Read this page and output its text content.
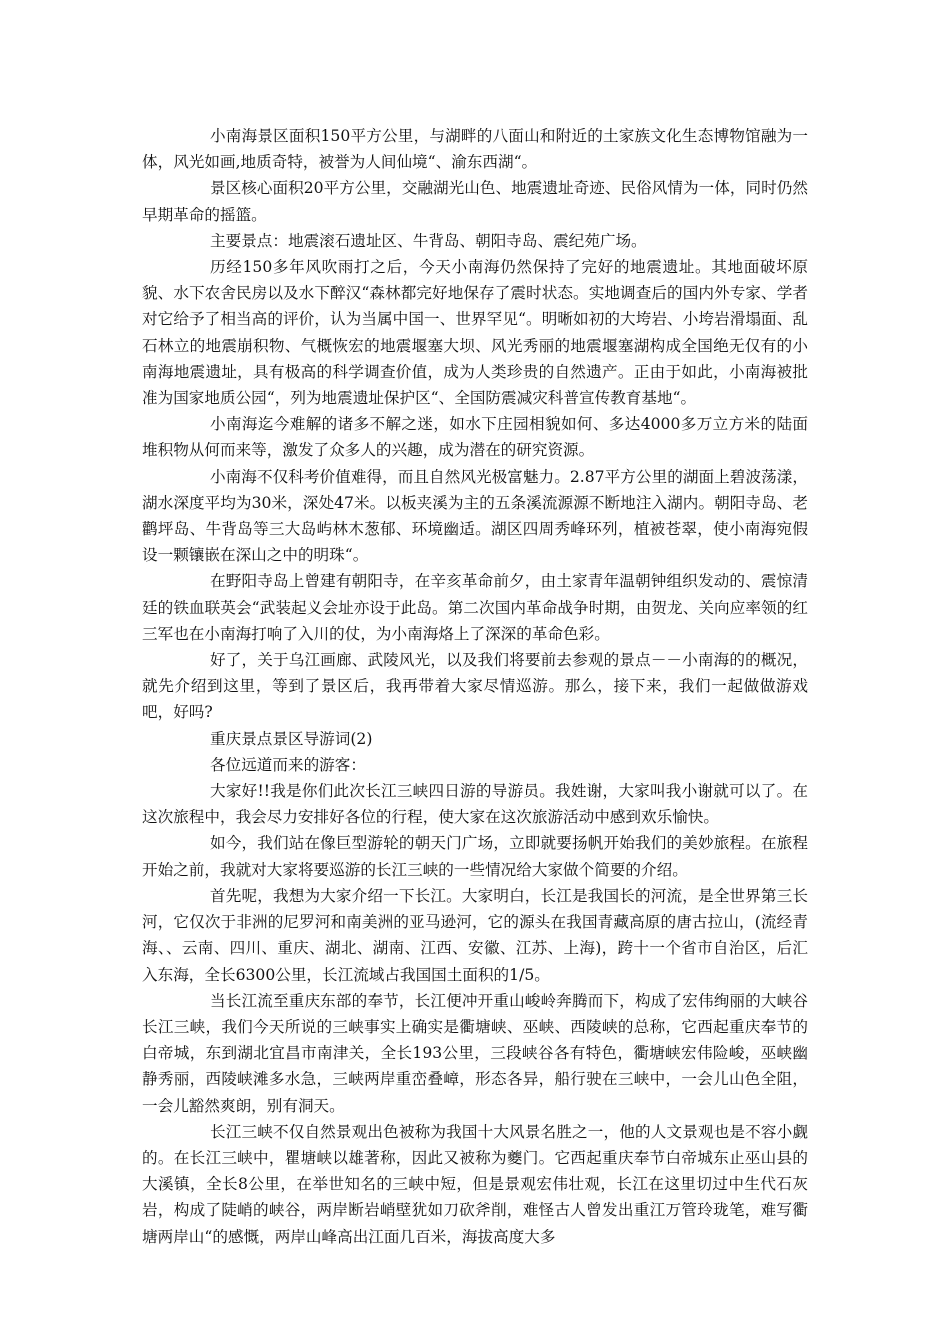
小南海景区面积150平方公里，与湖畔的八面山和附近的土家族文化生态博物馆融为一体，风光如画,地质奇特，被誉为人间仙境“、渝东西湖“。

景区核心面积20平方公里，交融湖光山色、地震遗址奇迹、民俗风情为一体，同时仍然早期革命的摇篮。

主要景点：地震滚石遗址区、牛背岛、朝阳寺岛、震纪苑广场。

历经150多年风吹雨打之后，今天小南海仍然保持了完好的地震遗址。其地面破坏原貌、水下农舍民房以及水下醉汉“森林都完好地保存了震时状态。实地调查后的国内外专家、学者对它给予了相当高的评价，认为当属中国一、世界罕见“。明晰如初的大垮岩、小垮岩滑塌面、乱石林立的地震崩积物、气概恢宏的地震堰塞大坝、风光秀丽的地震堰塞湖构成全国绝无仅有的小南海地震遗址，具有极高的科学调查价值，成为人类珍贵的自然遗产。正由于如此，小南海被批准为国家地质公园“，列为地震遗址保护区“、全国防震减灾科普宣传教育基地“。

小南海迄今难解的诸多不解之迷，如水下庄园相貌如何、多达4000多万立方米的陆面堆积物从何而来等，激发了众多人的兴趣，成为潜在的研究资源。

小南海不仅科考价值难得，而且自然风光极富魅力。2.87平方公里的湖面上碧波荡漾，湖水深度平均为30米，深处47米。以板夹溪为主的五条溪流源源不断地注入湖内。朝阳寺岛、老鹳坪岛、牛背岛等三大岛屿林木葱郁、环境幽适。湖区四周秀峰环列，植被苍翠，使小南海宛假设一颗镶嵌在深山之中的明珠“。

在野阳寺岛上曾建有朝阳寺，在辛亥革命前夕，由土家青年温朝钟组织发动的、震惊清廷的铁血联英会“武装起义会址亦设于此岛。第二次国内革命战争时期，由贺龙、关向应率领的红三军也在小南海打响了入川的仗，为小南海烙上了深深的革命色彩。

好了，关于乌江画廊、武陵风光，以及我们将要前去参观的景点－－小南海的的概况，就先介绍到这里，等到了景区后，我再带着大家尽情巡游。那么，接下来，我们一起做做游戏吧，好吗?

重庆景点景区导游词(2)

各位远道而来的游客：

大家好!!我是你们此次长江三峡四日游的导游员。我姓谢，大家叫我小谢就可以了。在这次旅程中，我会尽力安排好各位的行程，使大家在这次旅游活动中感到欢乐愉快。

如今，我们站在像巨型游轮的朝天门广场，立即就要扬帆开始我们的美妙旅程。在旅程开始之前，我就对大家将要巡游的长江三峡的一些情况给大家做个简要的介绍。

首先呢，我想为大家介绍一下长江。大家明白，长江是我国长的河流，是全世界第三长河，它仅次于非洲的尼罗河和南美洲的亚马逊河，它的源头在我国青藏高原的唐古拉山，(流经青海、、云南、四川、重庆、湖北、湖南、江西、安徽、江苏、上海)，跨十一个省市自治区，后汇入东海，全长6300公里，长江流域占我国国土面积的1/5。

当长江流至重庆东部的奉节，长江便冲开重山峻岭奔腾而下，构成了宏伟绚丽的大峡谷长江三峡，我们今天所说的三峡事实上确实是衢塘峡、巫峡、西陵峡的总称，它西起重庆奉节的白帝城，东到湖北宜昌市南津关，全长193公里，三段峡谷各有特色，衢塘峡宏伟险峻，巫峡幽静秀丽，西陵峡滩多水急，三峡两岸重峦叠嶂，形态各异，船行驶在三峡中，一会儿山色全阻，一会儿豁然爽朗，别有洞天。

长江三峡不仅自然景观出色被称为我国十大风景名胜之一，他的人文景观也是不容小觑的。在长江三峡中，瞿塘峡以雄著称，因此又被称为夔门。它西起重庆奉节白帝城东止巫山县的大溪镇，全长8公里，在举世知名的三峡中短，但是景观宏伟壮观，长江在这里切过中生代石灰岩，构成了陡峭的峡谷，两岸断岩峭壁犹如刀砍斧削，难怪古人曾发出重江万管玲珑笔，难写衢塘两岸山“的感慨，两岸山峰高出江面几百米，海拔高度大多
